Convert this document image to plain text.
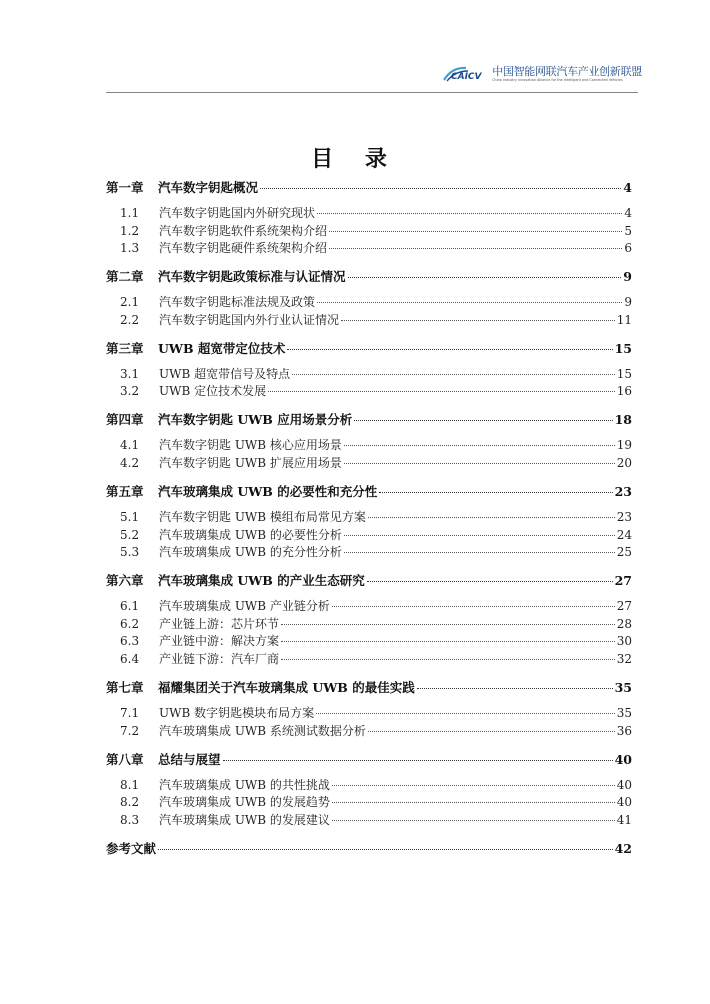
CAICV 中国智能网联汽车产业创新联盟
China Industry Innovation Alliance for the Intelligent and Connected Vehicles
目 录
第一章	汽车数字钥匙概况	4
1.1	汽车数字钥匙国内外研究现状	4
1.2	汽车数字钥匙软件系统架构介绍	5
1.3	汽车数字钥匙硬件系统架构介绍	6
第二章	汽车数字钥匙政策标准与认证情况	9
2.1	汽车数字钥匙标准法规及政策	9
2.2	汽车数字钥匙国内外行业认证情况	11
第三章	UWB 超宽带定位技术	15
3.1	UWB 超宽带信号及特点	15
3.2	UWB 定位技术发展	16
第四章	汽车数字钥匙 UWB 应用场景分析	18
4.1	汽车数字钥匙 UWB 核心应用场景	19
4.2	汽车数字钥匙 UWB 扩展应用场景	20
第五章	汽车玻璃集成 UWB 的必要性和充分性	23
5.1	汽车数字钥匙 UWB 模组布局常见方案	23
5.2	汽车玻璃集成 UWB 的必要性分析	24
5.3	汽车玻璃集成 UWB 的充分性分析	25
第六章	汽车玻璃集成 UWB 的产业生态研究	27
6.1	汽车玻璃集成 UWB 产业链分析	27
6.2	产业链上游：芯片环节	28
6.3	产业链中游：解决方案	30
6.4	产业链下游：汽车厂商	32
第七章	福耀集团关于汽车玻璃集成 UWB 的最佳实践	35
7.1	UWB 数字钥匙模块布局方案	35
7.2	汽车玻璃集成 UWB 系统测试数据分析	36
第八章	总结与展望	40
8.1	汽车玻璃集成 UWB 的共性挑战	40
8.2	汽车玻璃集成 UWB 的发展趋势	40
8.3	汽车玻璃集成 UWB 的发展建议	41
参考文献	42
